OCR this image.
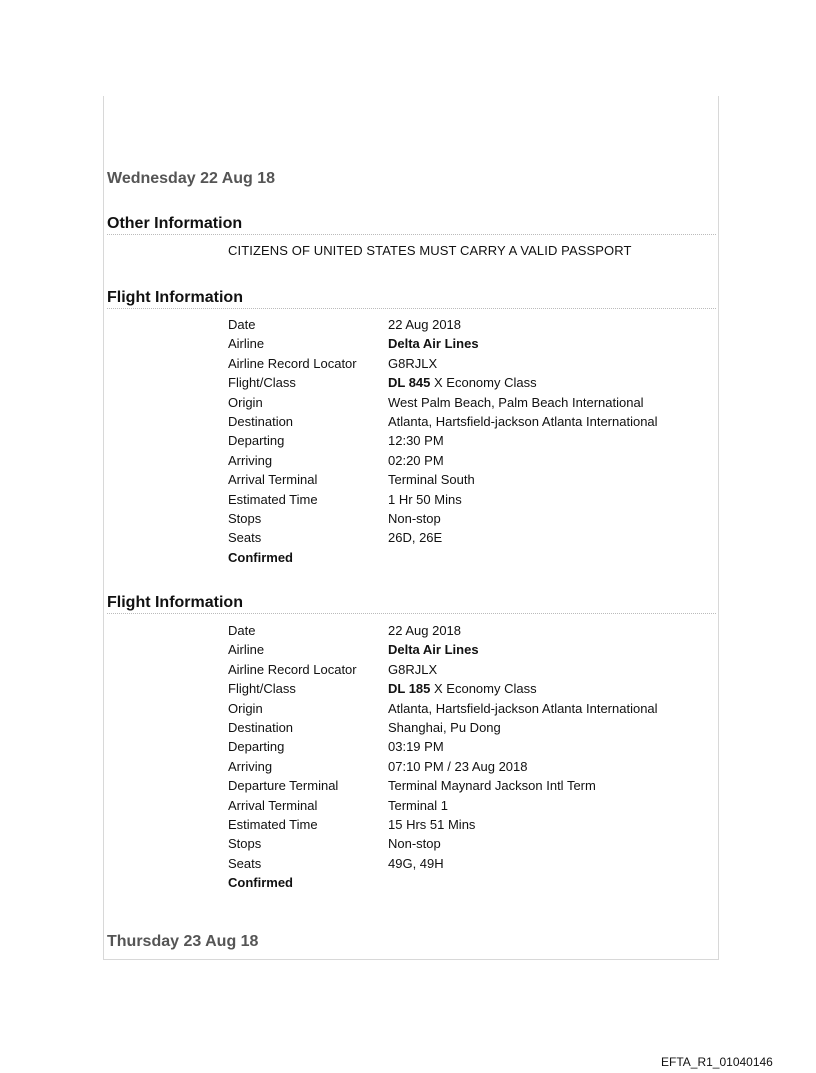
Wednesday 22 Aug 18
Other Information
CITIZENS OF UNITED STATES MUST CARRY A VALID PASSPORT
Flight Information
Date	22 Aug 2018
Airline	Delta Air Lines
Airline Record Locator	G8RJLX
Flight/Class	DL 845 X Economy Class
Origin	West Palm Beach, Palm Beach International
Destination	Atlanta, Hartsfield-jackson Atlanta International
Departing	12:30 PM
Arriving	02:20 PM
Arrival Terminal	Terminal South
Estimated Time	1 Hr 50 Mins
Stops	Non-stop
Seats	26D, 26E
Confirmed
Flight Information
Date	22 Aug 2018
Airline	Delta Air Lines
Airline Record Locator	G8RJLX
Flight/Class	DL 185 X Economy Class
Origin	Atlanta, Hartsfield-jackson Atlanta International
Destination	Shanghai, Pu Dong
Departing	03:19 PM
Arriving	07:10 PM / 23 Aug 2018
Departure Terminal	Terminal Maynard Jackson Intl Term
Arrival Terminal	Terminal 1
Estimated Time	15 Hrs 51 Mins
Stops	Non-stop
Seats	49G, 49H
Confirmed
Thursday 23 Aug 18
EFTA_R1_01040146
